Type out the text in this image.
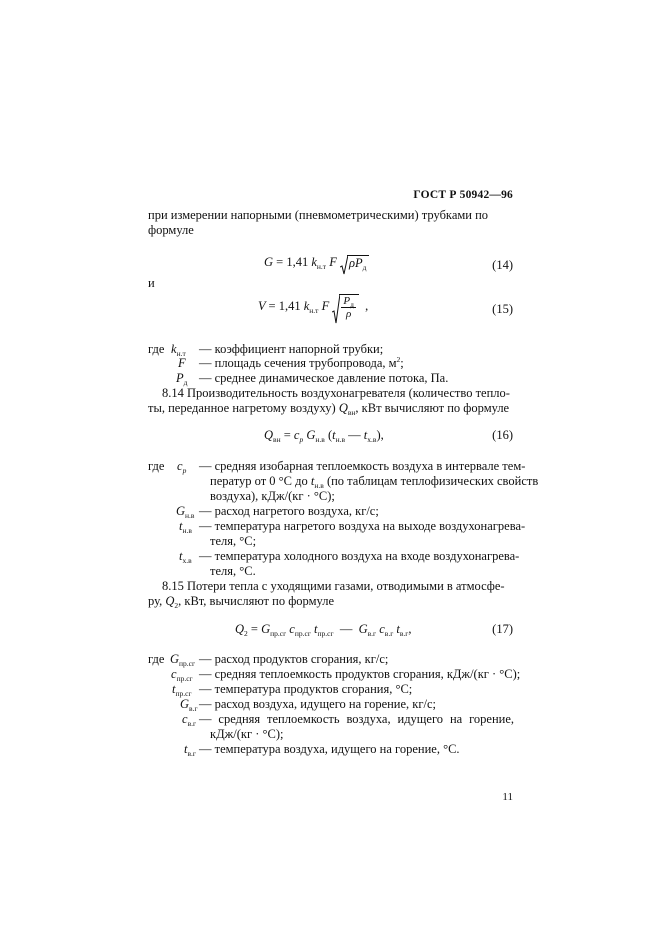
ГОСТ Р 50942—96
при измерении напорными (пневмометрическими) трубками по
формуле
G = 1,41 $k_{н.т}$ F
$\rho P_д$	(14)
и
V = 1,41 $k_{н.т}$ F $\frac{P_д}{\rho}$ ,	(15)
где $k_{н.т}$ — коэффициент напорной трубки;
F — площадь сечения трубопровода, $м^2$;
$P_д$ — среднее динамическое давление потока, Па.
8.14 Производительность воздухонагревателя (количество тепло-
ты, переданное нагретому воздуху) $Q_{вн}$, кВт вычисляют по формуле
$Q_{вн} = c_p$ $G_{н.в}$ ($t_{н.в}$ — $t_{х.в}$),	(16)
где $c_p$ — средняя изобарная теплоемкость воздуха в интервале тем-
ператур от 0 °С до $t_{н.в}$ (по таблицам теплофизических свойств
воздуха), кДж/(кг · °С);
$G_{н.в}$ — расход нагретого воздуха, кг/с;
$t_{н.в}$ — температура нагретого воздуха на выходе воздухонагрева-
теля, °С;
$t_{х.в}$ — температура холодного воздуха на входе воздухонагрева-
теля, °С.
8.15 Потери тепла с уходящими газами, отводимыми в атмосфе-
ру, $Q_2$, кВт, вычисляют по формуле
$Q_2 = G_{пр.сг}$ $c_{пр.сг}$ $t_{пр.сг}$  —  $G_{в.г}$ $c_{в.г}$ $t_{в.г}$,	(17)
где $G_{пр.сг}$ — расход продуктов сгорания, кг/с;
$c_{пр.сг}$ — средняя теплоемкость продуктов сгорания, кДж/(кг · °С);
$t_{пр.сг}$ — температура продуктов сгорания, °С;
$G_{в.г}$ — расход воздуха, идущего на горение, кг/с;
$c_{в.г}$ — средняя теплоемкость воздуха, идущего на горение,
кДж/(кг · °С);
$t_{в.г}$ — температура воздуха, идущего на горение, °С.
11
